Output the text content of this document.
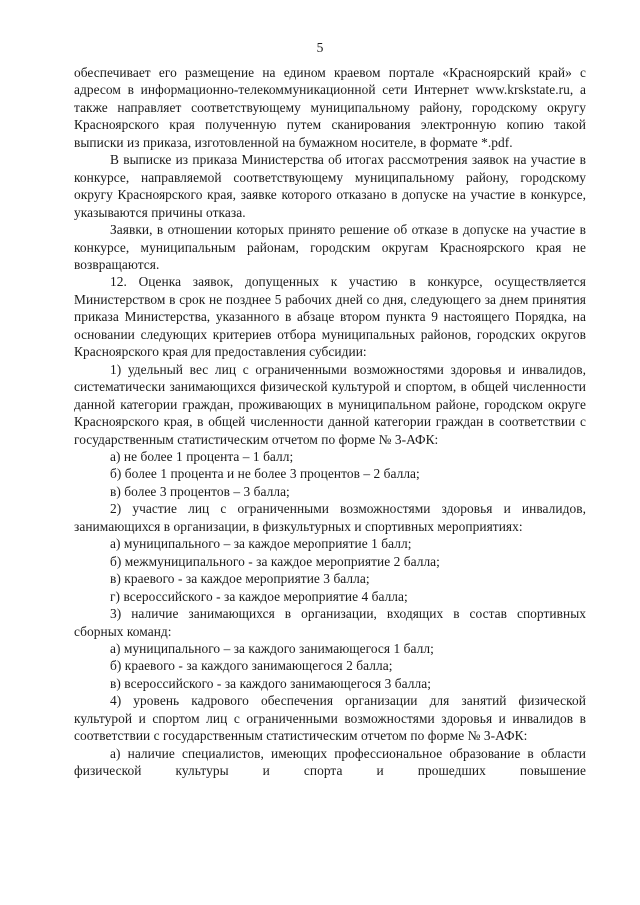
5

обеспечивает его размещение на едином краевом портале «Красноярский край» с адресом в информационно-телекоммуникационной сети Интернет www.krskstate.ru, а также направляет соответствующему муниципальному району, городскому округу Красноярского края полученную путем сканирования электронную копию такой выписки из приказа, изготовленной на бумажном носителе, в формате *.pdf.

В выписке из приказа Министерства об итогах рассмотрения заявок на участие в конкурсе, направляемой соответствующему муниципальному району, городскому округу Красноярского края, заявке которого отказано в допуске на участие в конкурсе, указываются причины отказа.

Заявки, в отношении которых принято решение об отказе в допуске на участие в конкурсе, муниципальным районам, городским округам Красноярского края не возвращаются.

12. Оценка заявок, допущенных к участию в конкурсе, осуществляется Министерством в срок не позднее 5 рабочих дней со дня, следующего за днем принятия приказа Министерства, указанного в абзаце втором пункта 9 настоящего Порядка, на основании следующих критериев отбора муниципальных районов, городских округов Красноярского края для предоставления субсидии:

1) удельный вес лиц с ограниченными возможностями здоровья и инвалидов, систематически занимающихся физической культурой и спортом, в общей численности данной категории граждан, проживающих в муниципальном районе, городском округе Красноярского края, в общей численности данной категории граждан в соответствии с государственным статистическим отчетом по форме № 3-АФК:

а) не более 1 процента – 1 балл;

б) более 1 процента и не более 3 процентов – 2 балла;

в) более 3 процентов – 3 балла;

2) участие лиц с ограниченными возможностями здоровья и инвалидов, занимающихся в организации, в физкультурных и спортивных мероприятиях:

а) муниципального – за каждое мероприятие 1 балл;

б) межмуниципального - за каждое мероприятие 2 балла;

в) краевого - за каждое мероприятие 3 балла;

г) всероссийского - за каждое мероприятие 4 балла;

3) наличие занимающихся в организации, входящих в состав спортивных сборных команд:

а) муниципального – за каждого занимающегося 1 балл;

б) краевого - за каждого занимающегося 2 балла;

в) всероссийского - за каждого занимающегося 3 балла;

4) уровень кадрового обеспечения организации для занятий физической культурой и спортом лиц с ограниченными возможностями здоровья и инвалидов в соответствии с государственным статистическим отчетом по форме № 3-АФК:

а) наличие специалистов, имеющих профессиональное образование в области физической культуры и спорта и прошедших повышение
